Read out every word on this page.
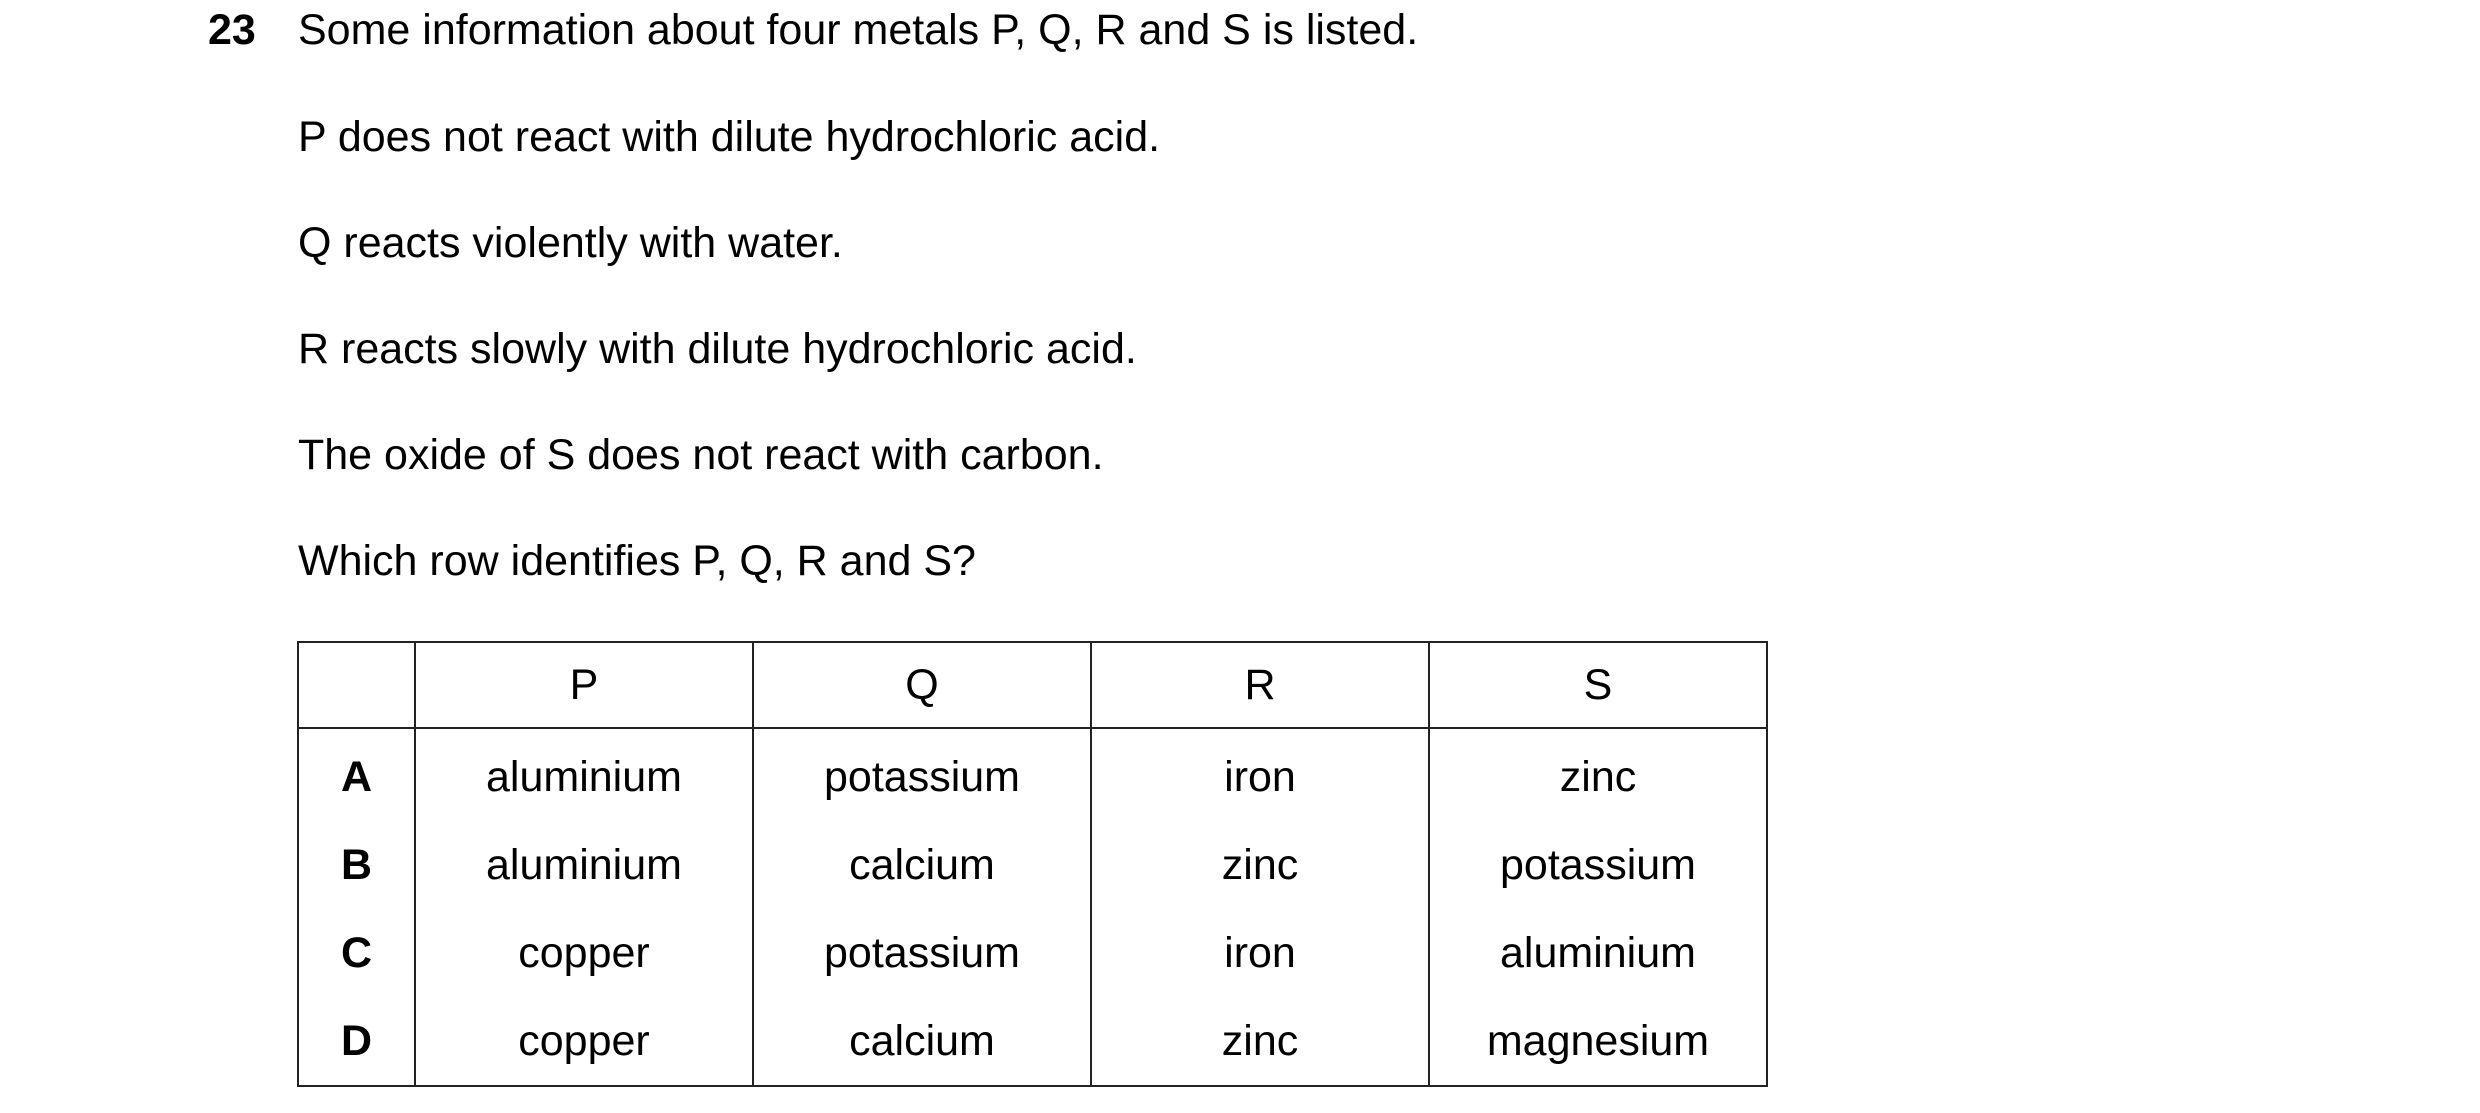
23 Some information about four metals P, Q, R and S is listed.
P does not react with dilute hydrochloric acid.
Q reacts violently with water.
R reacts slowly with dilute hydrochloric acid.
The oxide of S does not react with carbon.
Which row identifies P, Q, R and S?
	P	Q	R	S
A	aluminium	potassium	iron	zinc
B	aluminium	calcium	zinc	potassium
C	copper	potassium	iron	aluminium
D	copper	calcium	zinc	magnesium
